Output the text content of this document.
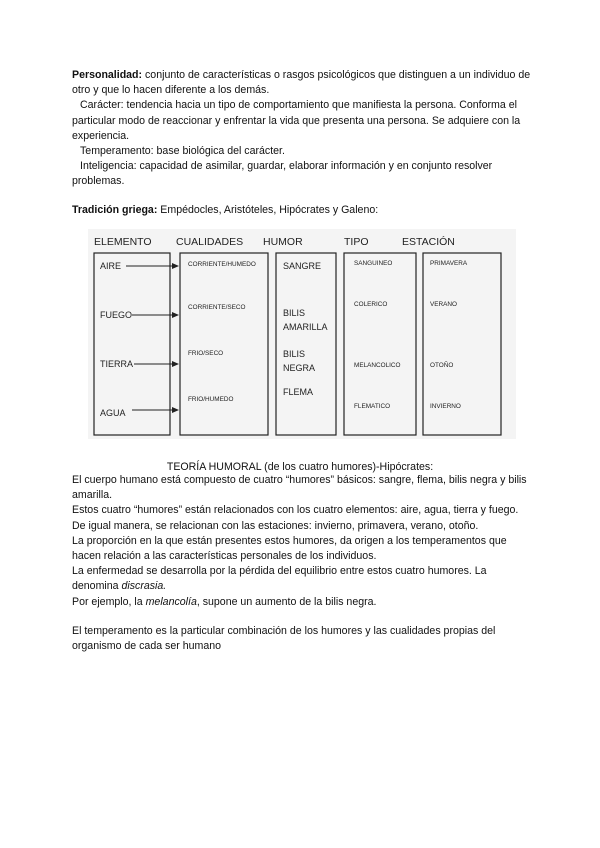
Personalidad: conjunto de características o rasgos psicológicos que distinguen a un individuo de otro y que lo hacen diferente a los demás.

Carácter: tendencia hacia un tipo de comportamiento que manifiesta la persona. Conforma el particular modo de reaccionar y enfrentar la vida que presenta una persona. Se adquiere con la experiencia.

Temperamento: base biológica del carácter.

Inteligencia: capacidad de asimilar, guardar, elaborar información y en conjunto resolver problemas.

Tradición griega: Empédocles, Aristóteles, Hipócrates y Galeno:
ELEMENTO CUALIDADES HUMOR	TIPO	ESTACIÓN
AIRE
FUEGO
TIERRA
AGUA
CORRIENTE/HUMEDO
CORRIENTE/SECO
FRIO/SECO
FRIO/HUMEDO
SANGRE
BILIS
AMARILLA
BILIS
NEGRA
FLEMA
SANGUINEO
COLERICO
MELANCOLICO
FLEMATICO
PRIMAVERA
VERANO
OTOÑO
INVIERNO
TEORÍA HUMORAL (de los cuatro humores)-Hipócrates:

El cuerpo humano está compuesto de cuatro “humores” básicos: sangre, flema, bilis negra y bilis amarilla.

Estos cuatro “humores” están relacionados con los cuatro elementos: aire, agua, tierra y fuego. De igual manera, se relacionan con las estaciones: invierno, primavera, verano, otoño.

La proporción en la que están presentes estos humores, da origen a los temperamentos que hacen relación a las características personales de los individuos.

La enfermedad se desarrolla por la pérdida del equilibrio entre estos cuatro humores. La denomina discrasia.

Por ejemplo, la melancolía, supone un aumento de la bilis negra.

El temperamento es la particular combinación de los humores y las cualidades propias del organismo de cada ser humano
